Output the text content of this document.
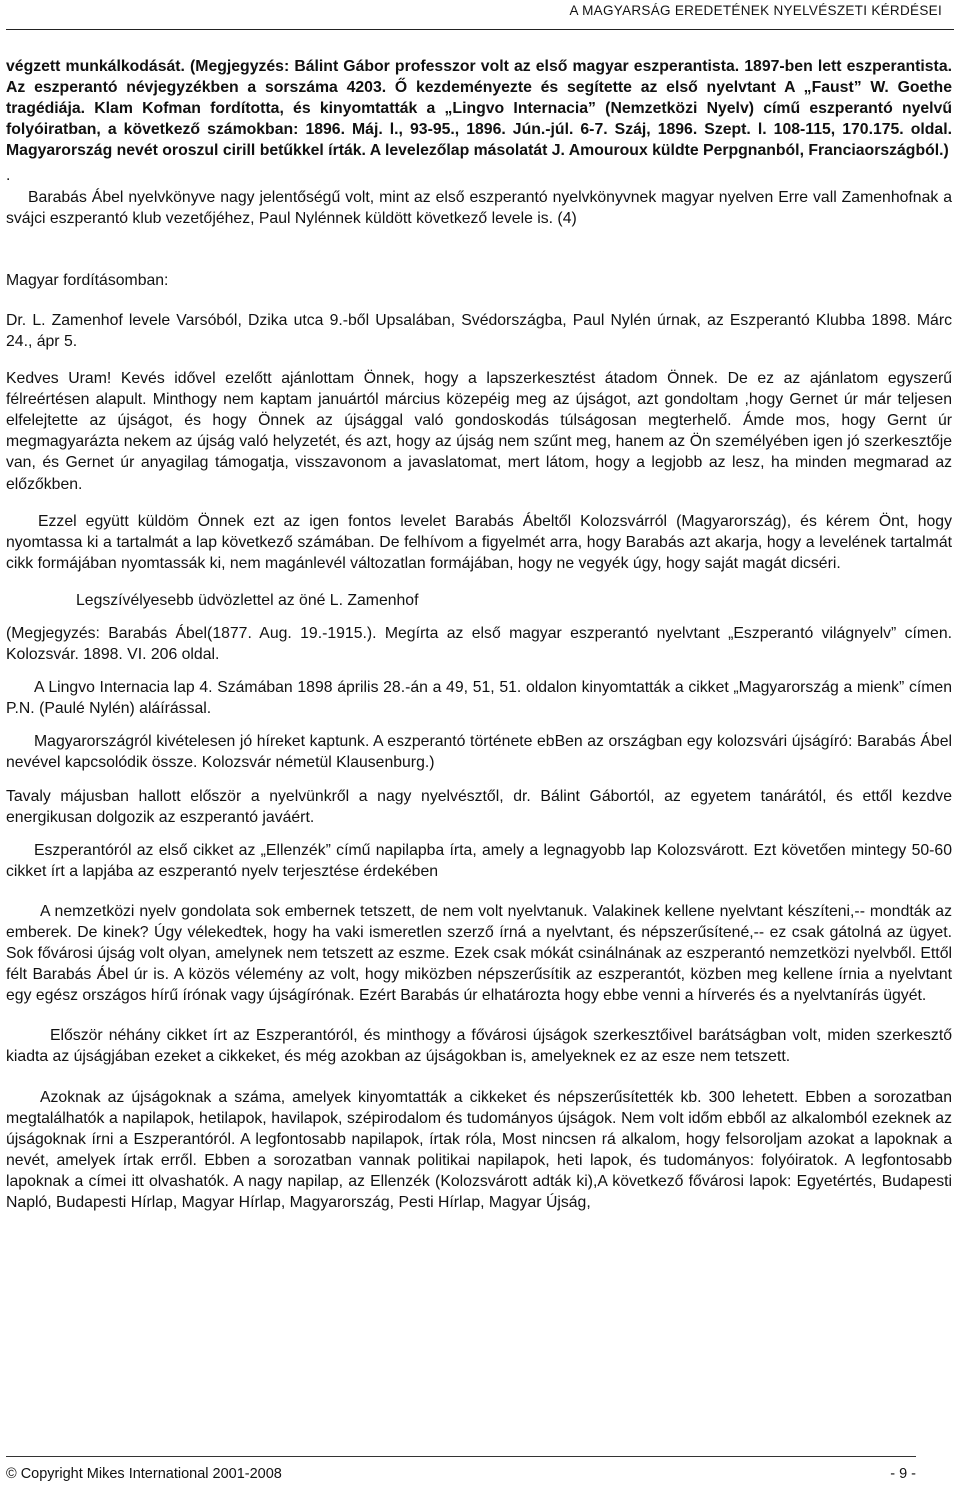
A MAGYARSÁG EREDETÉNEK NYELVÉSZETI KÉRDÉSEI

végzett munkálkodását. (Megjegyzés: Bálint Gábor professzor volt az első magyar eszperantista. 1897-ben lett eszperantista. Az eszperantó névjegyzékben a sorszáma 4203. Ő kezdeményezte és segítette az első nyelvtant A „Faust” W. Goethe tragédiája. Klam Kofman fordította, és kinyomtatták a „Lingvo Internacia” (Nemzetközi Nyelv) című eszperantó nyelvű folyóiratban, a következő számokban: 1896. Máj. l., 93-95., 1896. Jún.-júl. 6-7. Száj, 1896. Szept. l. 108-115, 170.175. oldal. Magyarország nevét oroszul cirill betűkkel írták. A levelezőlap másolatát J. Amouroux küldte Perpgnanból, Franciaországból.)

.

Barabás Ábel nyelvkönyve nagy jelentőségű volt, mint az első eszperantó nyelvkönyvnek magyar nyelven Erre vall Zamenhofnak a svájci eszperantó klub vezetőjéhez, Paul Nylénnek küldött következő levele is. (4)

Magyar fordításomban:

Dr. L. Zamenhof levele Varsóból, Dzika utca 9.-ből Upsalában, Svédországba, Paul Nylén úrnak, az Eszperantó Klubba 1898. Márc 24., ápr 5.

Kedves Uram! Kevés idővel ezelőtt ajánlottam Önnek, hogy a lapszerkesztést átadom Önnek. De ez az ajánlatom egyszerű félreértésen alapult. Minthogy nem kaptam januártól március közepéig meg az újságot, azt gondoltam ,hogy Gernet úr már teljesen elfelejtette az újságot, és hogy Önnek az újsággal való gondoskodás túlságosan megterhelő. Ámde mos, hogy Gernt úr megmagyarázta nekem az újság való helyzetét, és azt, hogy az újság nem szűnt meg, hanem az Ön személyében igen jó szerkesztője van, és Gernet úr anyagilag támogatja, visszavonom a javaslatomat, mert látom, hogy a legjobb az lesz, ha minden megmarad az előzőkben.

Ezzel együtt küldöm Önnek ezt az igen fontos levelet Barabás Ábeltől Kolozsvárról (Magyarország), és kérem Önt, hogy nyomtassa ki a tartalmát a lap következő számában. De felhívom a figyelmét arra, hogy Barabás azt akarja, hogy a levelének tartalmát cikk formájában nyomtassák ki, nem magánlevél változatlan formájában, hogy ne vegyék úgy, hogy saját magát dicséri.

Legszívélyesebb üdvözlettel az öné L. Zamenhof

(Megjegyzés: Barabás Ábel(1877. Aug. 19.-1915.). Megírta az első magyar eszperantó nyelvtant „Eszperantó világnyelv” címen. Kolozsvár. 1898. VI. 206 oldal.

A Lingvo Internacia lap 4. Számában 1898 április 28.-án a 49, 51, 51. oldalon kinyomtatták a cikket „Magyarország a mienk” címen P.N. (Paulé Nylén) aláírással.

Magyarországról kivételesen jó híreket kaptunk. A eszperantó története ebBen az országban egy kolozsvári újságíró: Barabás Ábel nevével kapcsolódik össze. Kolozsvár németül Klausenburg.)

Tavaly májusban hallott először a nyelvünkről a nagy nyelvésztől, dr. Bálint Gábortól, az egyetem tanárától, és ettől kezdve energikusan dolgozik az eszperantó javáért.

Eszperantóról az első cikket az „Ellenzék” című napilapba írta, amely a legnagyobb lap Kolozsvárott. Ezt követően mintegy 50-60 cikket írt a lapjába az eszperantó nyelv terjesztése érdekében

A nemzetközi nyelv gondolata sok embernek tetszett, de nem volt nyelvtanuk. Valakinek kellene nyelvtant készíteni,-- mondták az emberek. De kinek? Úgy vélekedtek, hogy ha vaki ismeretlen szerző írná a nyelvtant, és népszerűsítené,-- ez csak gátolná az ügyet. Sok fővárosi újság volt olyan, amelynek nem tetszett az eszme. Ezek csak mókát csinálnának az eszperantó nemzetközi nyelvből. Ettől félt Barabás Ábel úr is. A közös vélemény az volt, hogy miközben népszerűsítik az eszperantót, közben meg kellene írnia a nyelvtant egy egész országos hírű írónak vagy újságírónak. Ezért Barabás úr elhatározta hogy ebbe venni a hírverés és a nyelvtanírás ügyét.

Először néhány cikket írt az Eszperantóról, és minthogy a fővárosi újságok szerkesztőivel barátságban volt, miden szerkesztő kiadta az újságjában ezeket a cikkeket, és még azokban az újságokban is, amelyeknek ez az esze nem tetszett.

Azoknak az újságoknak a száma, amelyek kinyomtatták a cikkeket és népszerűsítették kb. 300 lehetett. Ebben a sorozatban megtalálhatók a napilapok, hetilapok, havilapok, szépirodalom és tudományos újságok. Nem volt időm ebből az alkalomból ezeknek az újságoknak írni a Eszperantóról. A legfontosabb napilapok, írtak róla, Most nincsen rá alkalom, hogy felsoroljam azokat a lapoknak a nevét, amelyek írtak erről. Ebben a sorozatban vannak politikai napilapok, heti lapok, és tudományos: folyóiratok. A legfontosabb lapoknak a címei itt olvashatók. A nagy napilap, az Ellenzék (Kolozsvárott adták ki),A következő fővárosi lapok: Egyetértés, Budapesti Napló, Budapesti Hírlap, Magyar Hírlap, Magyarország, Pesti Hírlap, Magyar Újság,

© Copyright Mikes International 2001-2008	- 9 -
